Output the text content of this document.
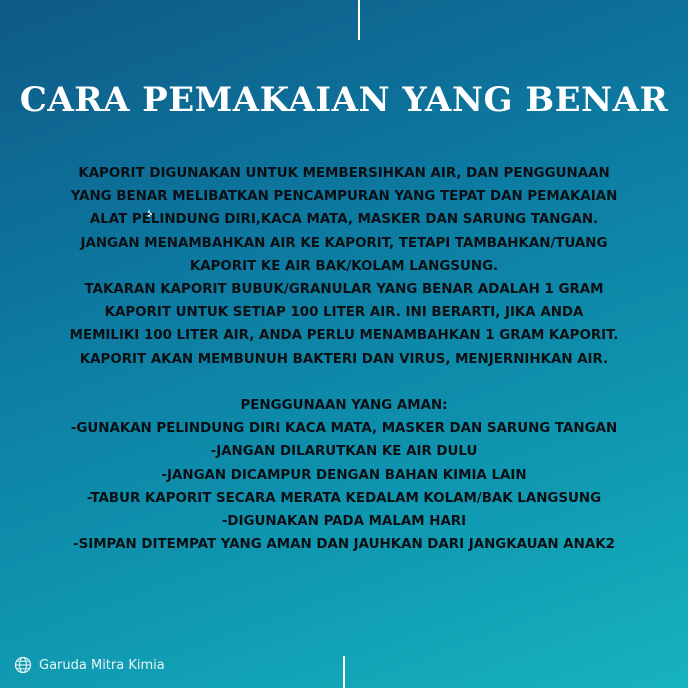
CARA PEMAKAIAN YANG BENAR
KAPORIT DIGUNAKAN UNTUK MEMBERSIHKAN AIR, DAN PENGGUNAAN
YANG BENAR MELIBATKAN PENCAMPURAN YANG TEPAT DAN PEMAKAIAN
ALAT PELINDUNG DIRI,KACA MATA, MASKER DAN SARUNG TANGAN.
JANGAN MENAMBAHKAN AIR KE KAPORIT, TETAPI TAMBAHKAN/TUANG
KAPORIT KE AIR BAK/KOLAM LANGSUNG.
TAKARAN KAPORIT BUBUK/GRANULAR YANG BENAR ADALAH 1 GRAM
KAPORIT UNTUK SETIAP 100 LITER AIR. INI BERARTI, JIKA ANDA
MEMILIKI 100 LITER AIR, ANDA PERLU MENAMBAHKAN 1 GRAM KAPORIT.
KAPORIT AKAN MEMBUNUH BAKTERI DAN VIRUS, MENJERNIHKAN AIR.
PENGGUNAAN YANG AMAN:
-GUNAKAN PELINDUNG DIRI KACA MATA, MASKER DAN SARUNG TANGAN
-JANGAN DILARUTKAN KE AIR DULU
-JANGAN DICAMPUR DENGAN BAHAN KIMIA LAIN
-TABUR KAPORIT SECARA MERATA KEDALAM KOLAM/BAK LANGSUNG
-DIGUNAKAN PADA MALAM HARI
-SIMPAN DITEMPAT YANG AMAN DAN JAUHKAN DARI JANGKAUAN ANAK2
Garuda Mitra Kimia
